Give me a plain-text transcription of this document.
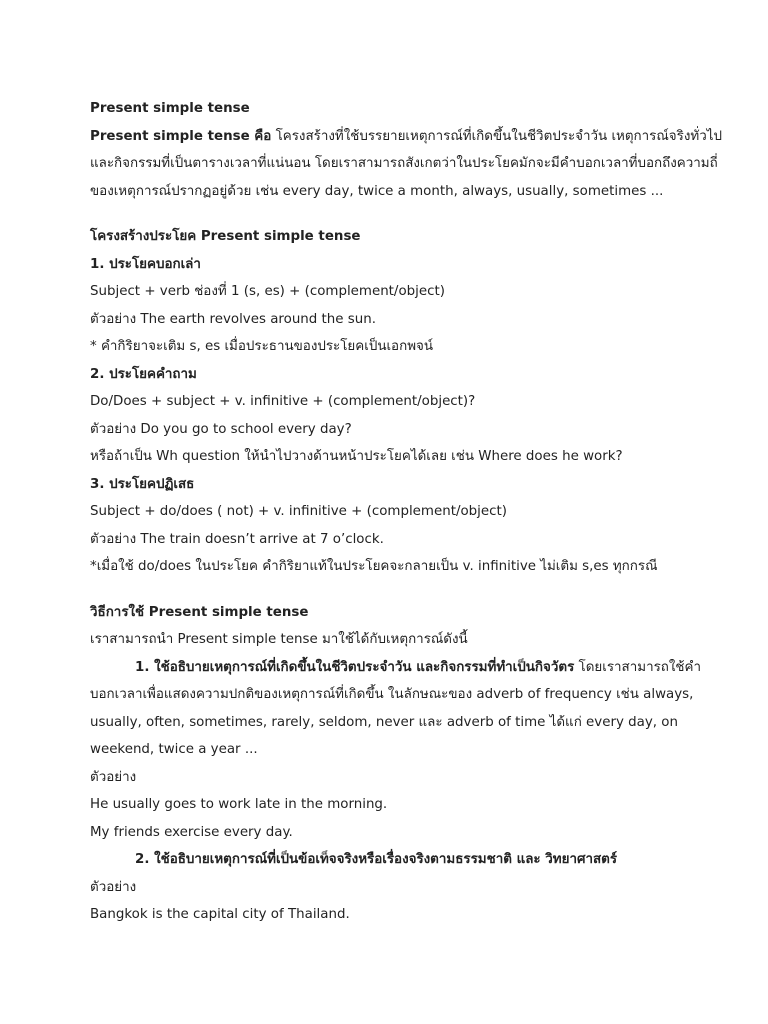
Present simple tense
Present simple tense คือ โครงสร้างที่ใช้บรรยายเหตุการณ์ที่เกิดขึ้นในชีวิตประจำวัน เหตุการณ์จริงทั่วไป
และกิจกรรมที่เป็นตารางเวลาที่แน่นอน โดยเราสามารถสังเกตว่าในประโยคมักจะมีคำบอกเวลาที่บอกถึงความถี่
ของเหตุการณ์ปรากฏอยู่ด้วย เช่น every day, twice a month, always, usually, sometimes ...
โครงสร้างประโยค Present simple tense
1. ประโยคบอกเล่า
Subject + verb ช่องที่ 1 (s, es) + (complement/object)
ตัวอย่าง The earth revolves around the sun.
* คำกิริยาจะเติม s, es เมื่อประธานของประโยคเป็นเอกพจน์
2. ประโยคคำถาม
Do/Does + subject + v. infinitive + (complement/object)?
ตัวอย่าง Do you go to school every day?
หรือถ้าเป็น Wh question ให้นำไปวางด้านหน้าประโยคได้เลย เช่น Where does he work?
3. ประโยคปฏิเสธ
Subject + do/does ( not) + v. infinitive + (complement/object)
ตัวอย่าง The train doesn’t arrive at 7 o’clock.
*เมื่อใช้ do/does ในประโยค คำกิริยาแท้ในประโยคจะกลายเป็น v. infinitive ไม่เติม s,es ทุกกรณี
วิธีการใช้ Present simple tense
เราสามารถนำ Present simple tense มาใช้ได้กับเหตุการณ์ดังนี้
1. ใช้อธิบายเหตุการณ์ที่เกิดขึ้นในชีวิตประจำวัน และกิจกรรมที่ทำเป็นกิจวัตร โดยเราสามารถใช้คำ
บอกเวลาเพื่อแสดงความปกติของเหตุการณ์ที่เกิดขึ้น ในลักษณะของ adverb of frequency เช่น always,
usually, often, sometimes, rarely, seldom, never และ adverb of time ได้แก่ every day, on
weekend, twice a year ...
ตัวอย่าง
He usually goes to work late in the morning.
My friends exercise every day.
2. ใช้อธิบายเหตุการณ์ที่เป็นข้อเท็จจริงหรือเรื่องจริงตามธรรมชาติ และ วิทยาศาสตร์
ตัวอย่าง
Bangkok is the capital city of Thailand.
